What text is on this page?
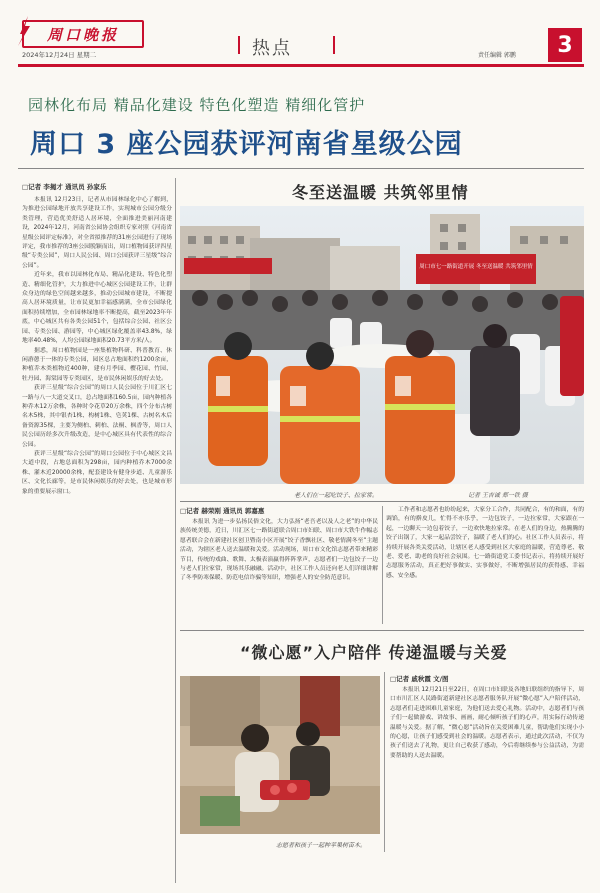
周口晚报
2024年12月24日 星期二	热点	责任编辑 郭鹏	3
园林化布局 精品化建设 特色化塑造 精细化管护
周口 3 座公园获评河南省星级公园
□记者 李揭才 通讯员 孙家乐

本报讯 12月23日，记者从市园林绿化中心了解到，为推进公园绿地开放共享建设工作，实现城市公园分级分类管理，营造优美舒适人居环境，全面推进美丽河南建设，2024年12月，河南省公园协会组织专家对照《河南省星级公园评定标准》，对全省拟推荐的31座公园进行了现场评定，我市推荐的3座公园脱颖而出，周口植物园获评四星级“专类公园”，周口人民公园、周口公园获评三星级“综合公园”。

近年来，我市以园林化布局、精品化建设、特色化塑造、精细化管护，大力推进中心城区公园建设工作，让群众身边的绿色空间越来越多，推动公园城市建设，不断提高人居环境质量，让市民更加幸福感满满，全市公园绿化面积持续增加，全市园林绿地率不断提高，截至2023年年底，中心城区共有各类公园51个，包括综合公园、社区公园、专类公园、游园等，中心城区绿化覆盖率43.8%，绿地率40.48%，人均公园绿地面积20.73平方米/人。

据悉，周口植物园是一座集植物科研、科普教育、休闲游憩于一体的专类公园，园区总占地面积约1200余亩，种植乔木类植物近400种，建有月季园、樱花园、竹园、牡丹园、海棠园等专类园区，是市民休闲娱乐的好去处。

获评三星级“综合公园”的周口人民公园位于川汇区七一路与八一大道交叉口，总占地面积160.5亩，园内种植各种乔木12万余株，各种时令花草20万余株，四个分布古树名木5株，其中银杏1株、构树1株、皂荚1棵、古树名木后备资源35棵，主要为侧柏、刺柏、法桐、枫香等，周口人民公园历经多次升级改造，是中心城区具有代表性的综合公园。

获评三星级“综合公园”的周口公园位于中心城区文昌大道中段，占地总面积为298亩，园内种植乔木7000余株、灌木近20000余株，配套建设有健身步道、儿童游乐区、文化长廊等，是市民休闲娱乐的好去处，也是城市形象的重要展示窗口。

冬至送温暖 共筑邻里情
周口市七一路街道开展 冬至送温暖 共筑邻里情
老人们在一起吃饺子、拉家常。	记者 王吉诚 郑一铁 摄
□记者 赫荣刚 通讯员 郭嘉惠

本报讯 为进一步弘扬民俗文化，大力弘扬“老吾老以及人之老”的中华民族传统美德，近日，川汇区七一路街道联合周口市妇联、周口市大铁牛作幅志愿者联合会在新建社区创卫暨南小区开展“饺子香飘社区、敬老情满冬至”主题活动，为辖区老人送去温暖和关爱。活动现场，周口市文化馆志愿者带来精彩节目，传统的戏曲、歌舞、太极表演赢得阵阵掌声，志愿者们一边包饺子一边与老人们拉家常，现场其乐融融。活动中，社区工作人员还向老人们详细讲解了冬季防寒保暖、防范电信诈骗等知识，增强老人的安全防范意识。

工作者和志愿者也纷纷起来，大家分工合作，共同配合，有的和面，有的调馅，有的擀皮儿，忙得不亦乐乎，一边包饺子，一边拉家常，大家跟在一起，一边聊天一边包着饺子，一边欢快地拉家常。在老人们的身边，热腾腾的饺子出锅了，大家一起品尝饺子，温暖了老人们的心。社区工作人员表示，将持续开展各类关爱活动，让辖区老人感受到社区大家庭的温暖，营造尊老、敬老、爱老、助老的良好社会氛围。七一路街道党工委书记表示，将持续开展好志愿服务活动，真正把好事做实、实事做好，不断增强居民的获得感、幸福感、安全感。

“微心愿”入户陪伴 传递温暖与关爱
志愿者和孩子一起种苹果树苗木。
□记者 戚秋霞 文/图

本报讯 12月21日至22日，在周口市妇联及各地妇联组织的指导下，周口市川汇区人民路街道新建社区志愿者服务队开展“微心愿”入户陪伴活动，志愿者们走进困难儿童家庭，为他们送去爱心礼物。活动中，志愿者们与孩子们一起做游戏、讲故事、画画，耐心倾听孩子们的心声，用实际行动传递温暖与关爱。据了解，“微心愿”活动旨在关爱困难儿童，帮助他们实现小小的心愿，让孩子们感受到社会的温暖。志愿者表示，通过此次活动，不仅为孩子们送去了礼物，更让自己收获了感动，今后将继续参与公益活动，为需要帮助的人送去温暖。
